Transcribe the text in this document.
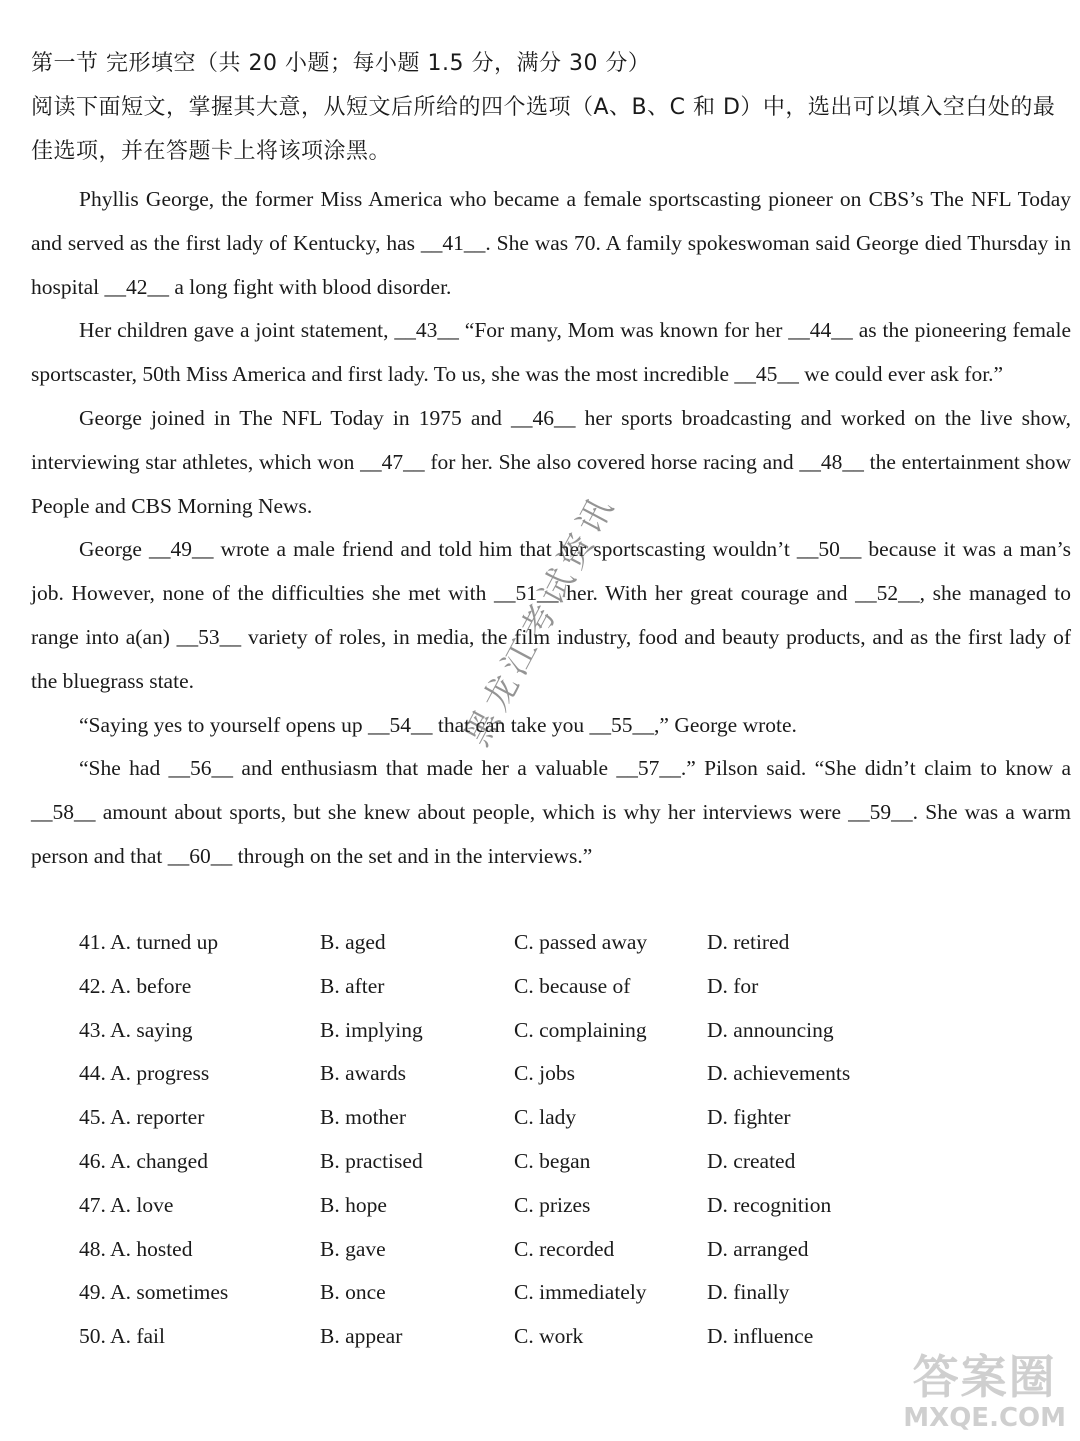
第一节 完形填空（共 20 小题；每小题 1.5 分，满分 30 分）

阅读下面短文，掌握其大意，从短文后所给的四个选项（A、B、C 和 D）中，选出可以填入空白处的最佳选项，并在答题卡上将该项涂黑。

Phyllis George, the former Miss America who became a female sportscasting pioneer on CBS’s The NFL Today and served as the first lady of Kentucky, has __41__. She was 70. A family spokeswoman said George died Thursday in hospital __42__ a long fight with blood disorder.

Her children gave a joint statement, __43__ “For many, Mom was known for her __44__ as the pioneering female sportscaster, 50th Miss America and first lady. To us, she was the most incredible __45__ we could ever ask for.”

George joined in The NFL Today in 1975 and __46__ her sports broadcasting and worked on the live show, interviewing star athletes, which won __47__ for her. She also covered horse racing and __48__ the entertainment show People and CBS Morning News.

George __49__ wrote a male friend and told him that her sportscasting wouldn’t __50__ because it was a man’s job. However, none of the difficulties she met with __51__ her. With her great courage and __52__, she managed to range into a(an) __53__ variety of roles, in media, the film industry, food and beauty products, and as the first lady of the bluegrass state.

“Saying yes to yourself opens up __54__ that can take you __55__,” George wrote.

“She had __56__ and enthusiasm that made her a valuable __57__.” Pilson said. “She didn’t claim to know a __58__ amount about sports, but she knew about people, which is why her interviews were __59__. She was a warm person and that __60__ through on the set and in the interviews.”

41. A. turned up	B. aged	C. passed away	D. retired
42. A. before	B. after	C. because of	D. for
43. A. saying	B. implying	C. complaining	D. announcing
44. A. progress	B. awards	C. jobs	D. achievements
45. A. reporter	B. mother	C. lady	D. fighter
46. A. changed	B. practised	C. began	D. created
47. A. love	B. hope	C. prizes	D. recognition
48. A. hosted	B. gave	C. recorded	D. arranged
49. A. sometimes	B. once	C. immediately	D. finally
50. A. fail	B. appear	C. work	D. influence
黑龙江考试资讯
答案圈
MXQE.COM
